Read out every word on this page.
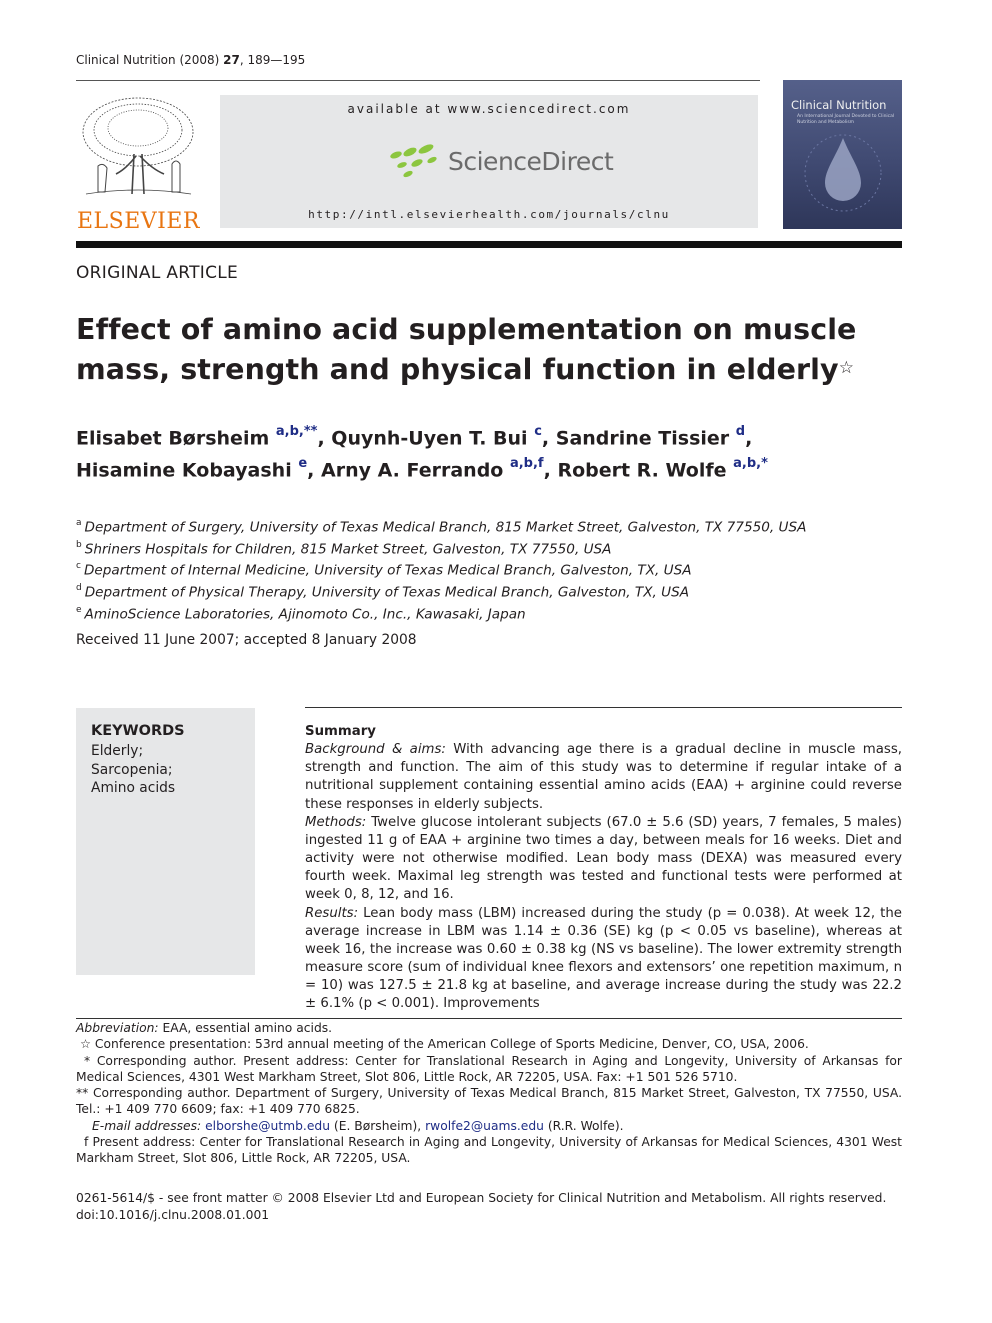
Clinical Nutrition (2008) 27, 189—195
ELSEVIER
available at www.sciencedirect.com
ScienceDirect
http://intl.elsevierhealth.com/journals/clnu
Clinical Nutrition
An International Journal Devoted to Clinical Nutrition and Metabolism
ORIGINAL ARTICLE
Effect of amino acid supplementation on muscle
mass, strength and physical function in elderly☆
Elisabet Børsheim $^{a,b,**}$, Quynh-Uyen T. Bui $^c$, Sandrine Tissier $^d$,
Hisamine Kobayashi $^e$, Arny A. Ferrando $^{a,b,f}$, Robert R. Wolfe $^{a,b,*}$
$^a$ Department of Surgery, University of Texas Medical Branch, 815 Market Street, Galveston, TX 77550, USA
$^b$ Shriners Hospitals for Children, 815 Market Street, Galveston, TX 77550, USA
$^c$ Department of Internal Medicine, University of Texas Medical Branch, Galveston, TX, USA
$^d$ Department of Physical Therapy, University of Texas Medical Branch, Galveston, TX, USA
$^e$ AminoScience Laboratories, Ajinomoto Co., Inc., Kawasaki, Japan
Received 11 June 2007; accepted 8 January 2008
KEYWORDS
Elderly;
Sarcopenia;
Amino acids
Summary
Background & aims: With advancing age there is a gradual decline in muscle mass, strength and function. The aim of this study was to determine if regular intake of a nutritional supplement containing essential amino acids (EAA) + arginine could reverse these responses in elderly subjects.
Methods: Twelve glucose intolerant subjects (67.0 ± 5.6 (SD) years, 7 females, 5 males) ingested 11 g of EAA + arginine two times a day, between meals for 16 weeks. Diet and activity were not otherwise modified. Lean body mass (DEXA) was measured every fourth week. Maximal leg strength was tested and functional tests were performed at week 0, 8, 12, and 16.
Results: Lean body mass (LBM) increased during the study (p = 0.038). At week 12, the average increase in LBM was 1.14 ± 0.36 (SE) kg (p < 0.05 vs baseline), whereas at week 16, the increase was 0.60 ± 0.38 kg (NS vs baseline). The lower extremity strength measure score (sum of individual knee flexors and extensors’ one repetition maximum, n = 10) was 127.5 ± 21.8 kg at baseline, and average increase during the study was 22.2 ± 6.1% (p < 0.001). Improvements
Abbreviation: EAA, essential amino acids.
☆ Conference presentation: 53rd annual meeting of the American College of Sports Medicine, Denver, CO, USA, 2006.
* Corresponding author. Present address: Center for Translational Research in Aging and Longevity, University of Arkansas for Medical Sciences, 4301 West Markham Street, Slot 806, Little Rock, AR 72205, USA. Fax: +1 501 526 5710.
** Corresponding author. Department of Surgery, University of Texas Medical Branch, 815 Market Street, Galveston, TX 77550, USA. Tel.: +1 409 770 6609; fax: +1 409 770 6825.
E-mail addresses: elborshe@utmb.edu (E. Børsheim), rwolfe2@uams.edu (R.R. Wolfe).
f Present address: Center for Translational Research in Aging and Longevity, University of Arkansas for Medical Sciences, 4301 West Markham Street, Slot 806, Little Rock, AR 72205, USA.
0261-5614/$ - see front matter © 2008 Elsevier Ltd and European Society for Clinical Nutrition and Metabolism. All rights reserved.
doi:10.1016/j.clnu.2008.01.001
